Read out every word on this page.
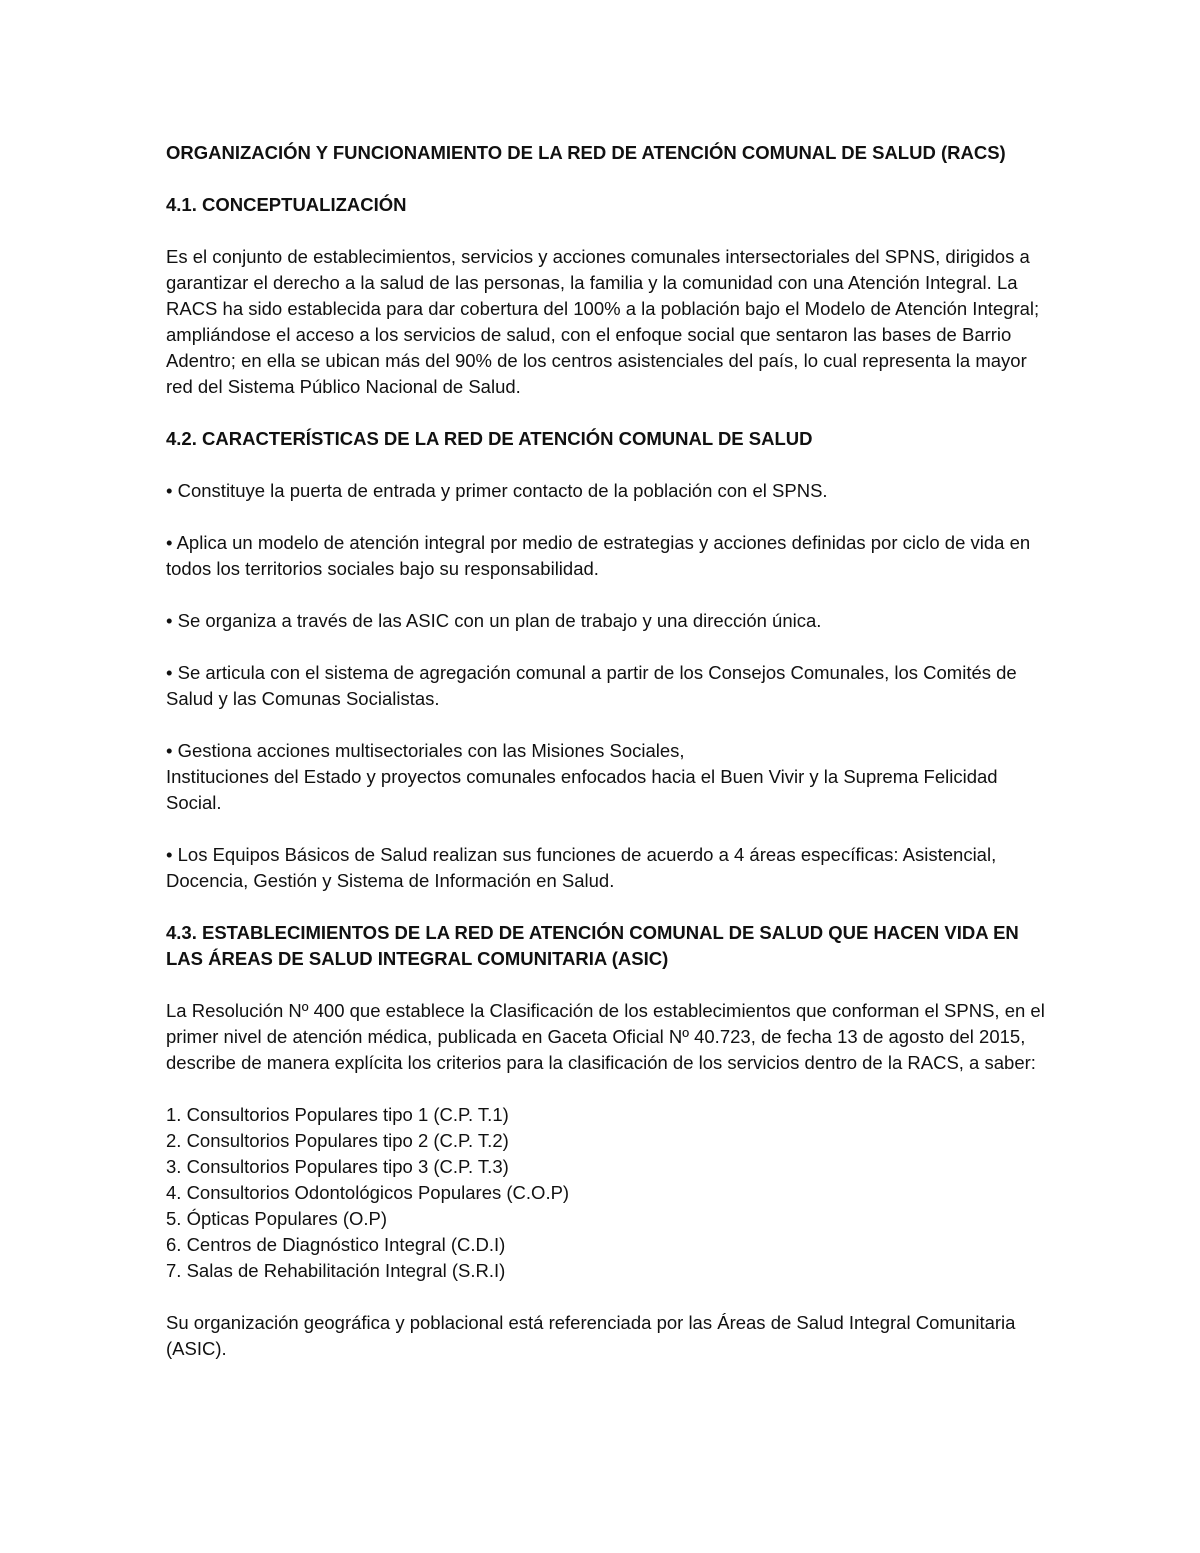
ORGANIZACIÓN Y FUNCIONAMIENTO DE LA RED DE ATENCIÓN COMUNAL DE SALUD (RACS)

4.1. CONCEPTUALIZACIÓN

Es el conjunto de establecimientos, servicios y acciones comunales intersectoriales del SPNS, dirigidos a garantizar el derecho a la salud de las personas, la familia y la comunidad con una Atención Integral. La RACS ha sido establecida para dar cobertura del 100% a la población bajo el Modelo de Atención Integral; ampliándose el acceso a los servicios de salud, con el enfoque social que sentaron las bases de Barrio Adentro; en ella se ubican más del 90% de los centros asistenciales del país, lo cual representa la mayor red del Sistema Público Nacional de Salud.

4.2. CARACTERÍSTICAS DE LA RED DE ATENCIÓN COMUNAL DE SALUD

• Constituye la puerta de entrada y primer contacto de la población con el SPNS.

• Aplica un modelo de atención integral por medio de estrategias y acciones definidas por ciclo de vida en todos los territorios sociales bajo su responsabilidad.

• Se organiza a través de las ASIC con un plan de trabajo y una dirección única.

• Se articula con el sistema de agregación comunal a partir de los Consejos Comunales, los Comités de Salud y las Comunas Socialistas.

• Gestiona acciones multisectoriales con las Misiones Sociales,

Instituciones del Estado y proyectos comunales enfocados hacia el Buen Vivir y la Suprema Felicidad Social.

• Los Equipos Básicos de Salud realizan sus funciones de acuerdo a 4 áreas específicas: Asistencial, Docencia, Gestión y Sistema de Información en Salud.

4.3. ESTABLECIMIENTOS DE LA RED DE ATENCIÓN COMUNAL DE SALUD QUE HACEN VIDA EN LAS ÁREAS DE SALUD INTEGRAL COMUNITARIA (ASIC)

La Resolución Nº 400 que establece la Clasificación de los establecimientos que conforman el SPNS, en el primer nivel de atención médica, publicada en Gaceta Oficial Nº 40.723, de fecha 13 de agosto del 2015, describe de manera explícita los criterios para la clasificación de los servicios dentro de la RACS, a saber:

1. Consultorios Populares tipo 1 (C.P. T.1)
2. Consultorios Populares tipo 2 (C.P. T.2)
3. Consultorios Populares tipo 3 (C.P. T.3)
4. Consultorios Odontológicos Populares (C.O.P)
5. Ópticas Populares (O.P)
6. Centros de Diagnóstico Integral (C.D.I)
7. Salas de Rehabilitación Integral (S.R.I)

Su organización geográfica y poblacional está referenciada por las Áreas de Salud Integral Comunitaria (ASIC).
